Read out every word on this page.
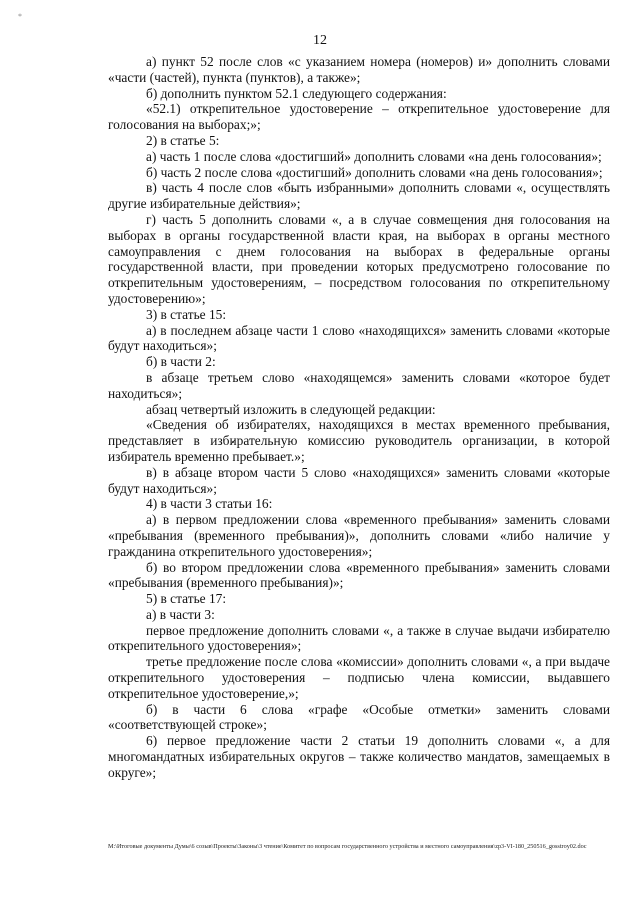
*
12

а) пункт 52 после слов «с указанием номера (номеров) и» дополнить словами «части (частей), пункта (пунктов), а также»;

б) дополнить пунктом 52.1 следующего содержания:

«52.1) открепительное удостоверение – открепительное удостоверение для голосования на выборах;»;

2) в статье 5:

а) часть 1 после слова «достигший» дополнить словами «на день голосования»;

б) часть 2 после слова «достигший» дополнить словами «на день голосования»;

в) часть 4 после слов «быть избранными» дополнить словами «, осуществлять другие избирательные действия»;

г) часть 5 дополнить словами «, а в случае совмещения дня голосования на выборах в органы государственной власти края, на выборах в органы местного самоуправления с днем голосования на выборах в федеральные органы государственной власти, при проведении которых предусмотрено голосование по открепительным удостоверениям, – посредством голосования по открепительному удостоверению»;

3) в статье 15:

а) в последнем абзаце части 1 слово «находящихся» заменить словами «которые будут находиться»;

б) в части 2:

в абзаце третьем слово «находящемся» заменить словами «которое будет находиться»;

абзац четвертый изложить в следующей редакции:

«Сведения об избирателях, находящихся в местах временного пребывания, представляет в избирательную комиссию руководитель организации, в которой избиратель временно пребывает.»;

в) в абзаце втором части 5 слово «находящихся» заменить словами «которые будут находиться»;

4) в части 3 статьи 16:

а) в первом предложении слова «временного пребывания» заменить словами «пребывания (временного пребывания)», дополнить словами «либо наличие у гражданина открепительного удостоверения»;

б) во втором предложении слова «временного пребывания» заменить словами «пребывания (временного пребывания)»;

5) в статье 17:

а) в части 3:

первое предложение дополнить словами «, а также в случае выдачи избирателю открепительного удостоверения»;

третье предложение после слова «комиссии» дополнить словами «, а при выдаче открепительного удостоверения – подписью члена комиссии, выдавшего открепительное удостоверение,»;

б) в части 6 слова «графе «Особые отметки» заменить словами «соответствующей строке»;

6) первое предложение части 2 статьи 19 дополнить словами «, а для многомандатных избирательных округов – также количество мандатов, замещаемых в округе»;

M:\Итоговые документы Думы\6 созыв\Проекты\Законы\3 чтение\Комитет по вопросам государственного устройства и местного самоуправления\zp3-VI-180_250516_gosstroy02.doc
